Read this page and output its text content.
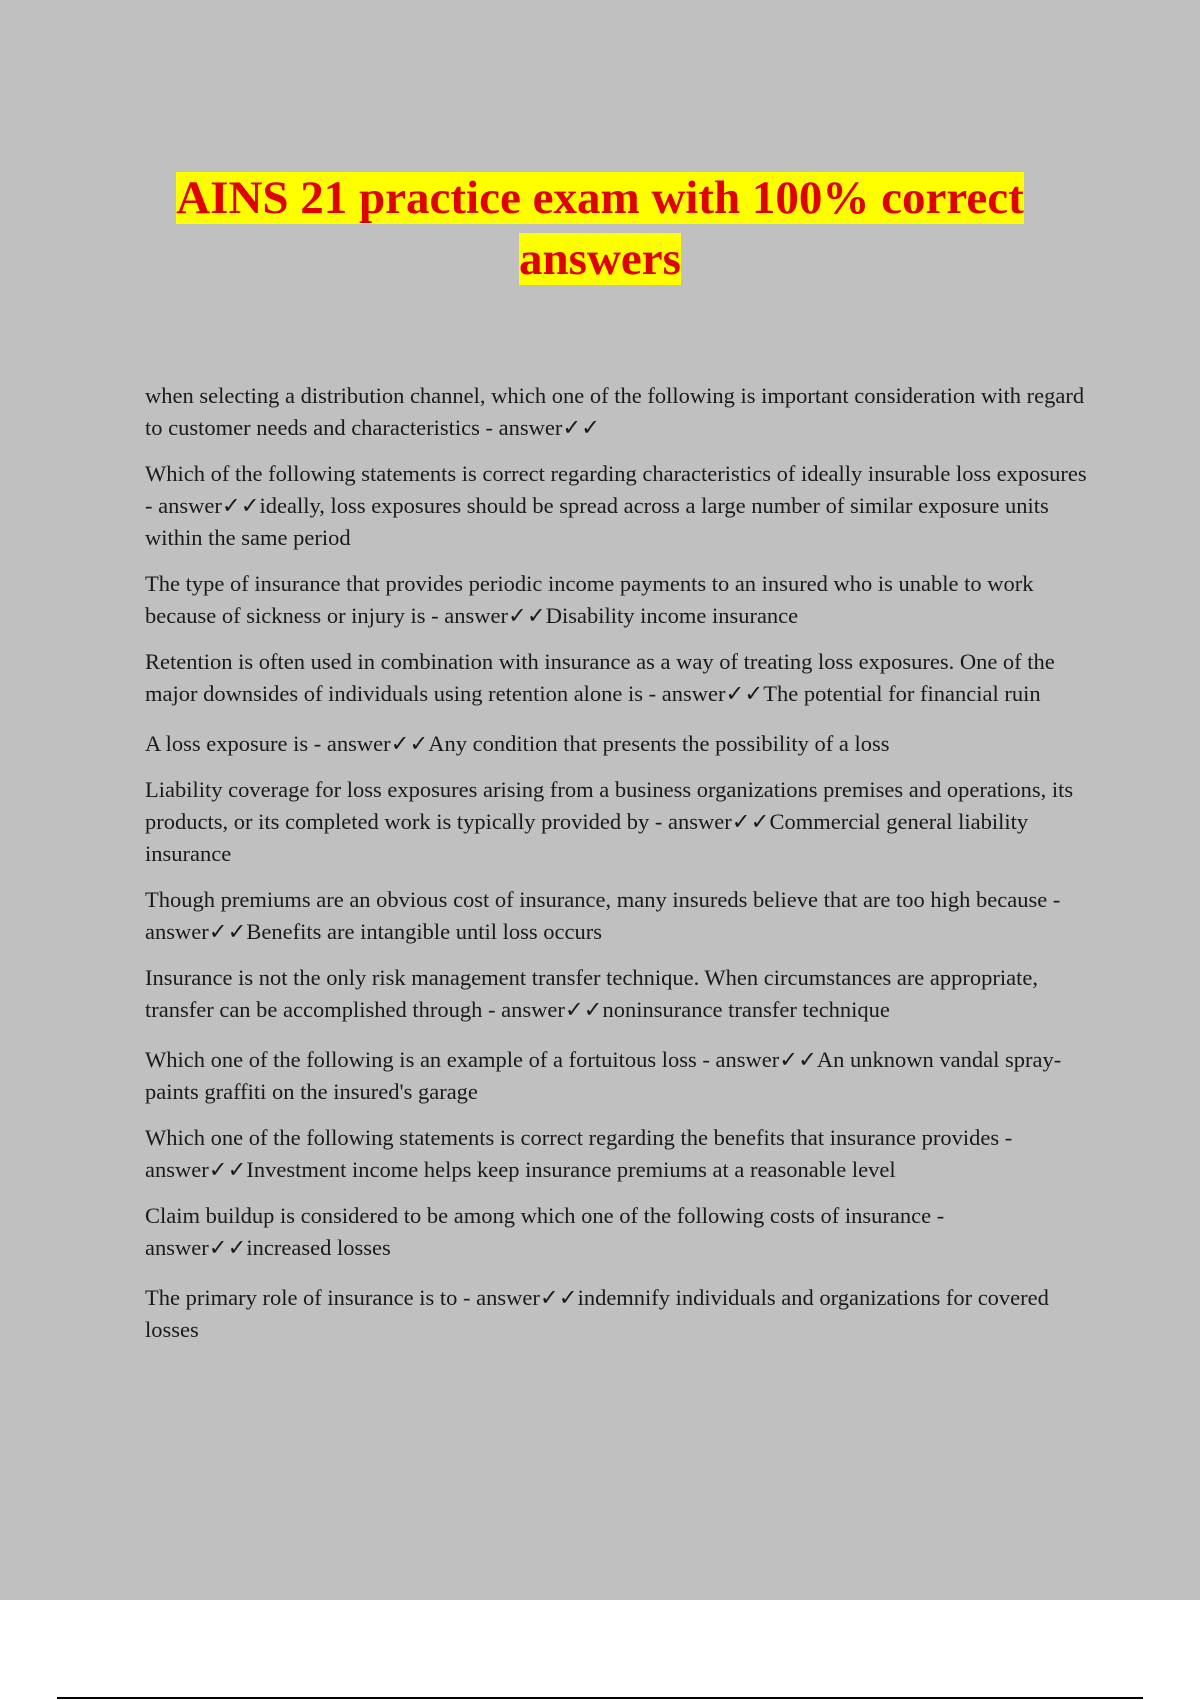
AINS 21 practice exam with 100% correct answers

when selecting a distribution channel, which one of the following is important consideration with regard to customer needs and characteristics - answer✓✓

Which of the following statements is correct regarding characteristics of ideally insurable loss exposures - answer✓✓ideally, loss exposures should be spread across a large number of similar exposure units within the same period

The type of insurance that provides periodic income payments to an insured who is unable to work because of sickness or injury is - answer✓✓Disability income insurance

Retention is often used in combination with insurance as a way of treating loss exposures. One of the major downsides of individuals using retention alone is - answer✓✓The potential for financial ruin

A loss exposure is - answer✓✓Any condition that presents the possibility of a loss

Liability coverage for loss exposures arising from a business organizations premises and operations, its products, or its completed work is typically provided by - answer✓✓Commercial general liability insurance

Though premiums are an obvious cost of insurance, many insureds believe that are too high because - answer✓✓Benefits are intangible until loss occurs

Insurance is not the only risk management transfer technique. When circumstances are appropriate, transfer can be accomplished through - answer✓✓noninsurance transfer technique

Which one of the following is an example of a fortuitous loss - answer✓✓An unknown vandal spray-paints graffiti on the insured's garage

Which one of the following statements is correct regarding the benefits that insurance provides - answer✓✓Investment income helps keep insurance premiums at a reasonable level

Claim buildup is considered to be among which one of the following costs of insurance - answer✓✓increased losses

The primary role of insurance is to - answer✓✓indemnify individuals and organizations for covered losses
